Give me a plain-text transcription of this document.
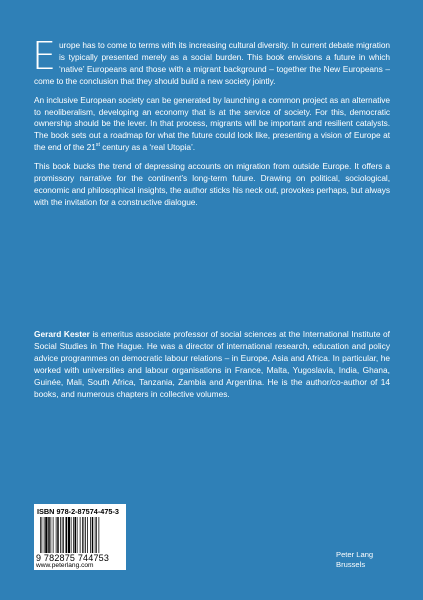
Europe has to come to terms with its increasing cultural diversity. In current debate migration is typically presented merely as a social burden. This book envisions a future in which ‘native’ Europeans and those with a migrant background – together the New Europeans – come to the conclusion that they should build a new society jointly.

An inclusive European society can be generated by launching a common project as an alternative to neoliberalism, developing an economy that is at the service of society. For this, democratic ownership should be the lever. In that process, migrants will be important and resilient catalysts. The book sets out a roadmap for what the future could look like, presenting a vision of Europe at the end of the 21st century as a ‘real Utopia’.

This book bucks the trend of depressing accounts on migration from outside Europe. It offers a promissory narrative for the continent’s long-term future. Drawing on political, sociological, economic and philosophical insights, the author sticks his neck out, provokes perhaps, but always with the invitation for a constructive dialogue.

Gerard Kester is emeritus associate professor of social sciences at the International Institute of Social Studies in The Hague. He was a director of international research, education and policy advice programmes on democratic labour relations – in Europe, Asia and Africa. In particular, he worked with universities and labour organisations in France, Malta, Yugoslavia, India, Ghana, Guinée, Mali, South Africa, Tanzania, Zambia and Argentina. He is the author/co-author of 14 books, and numerous chapters in collective volumes.

ISBN 978-2-87574-475-3
9 782875 744753
www.peterlang.com
Peter Lang
Brussels
